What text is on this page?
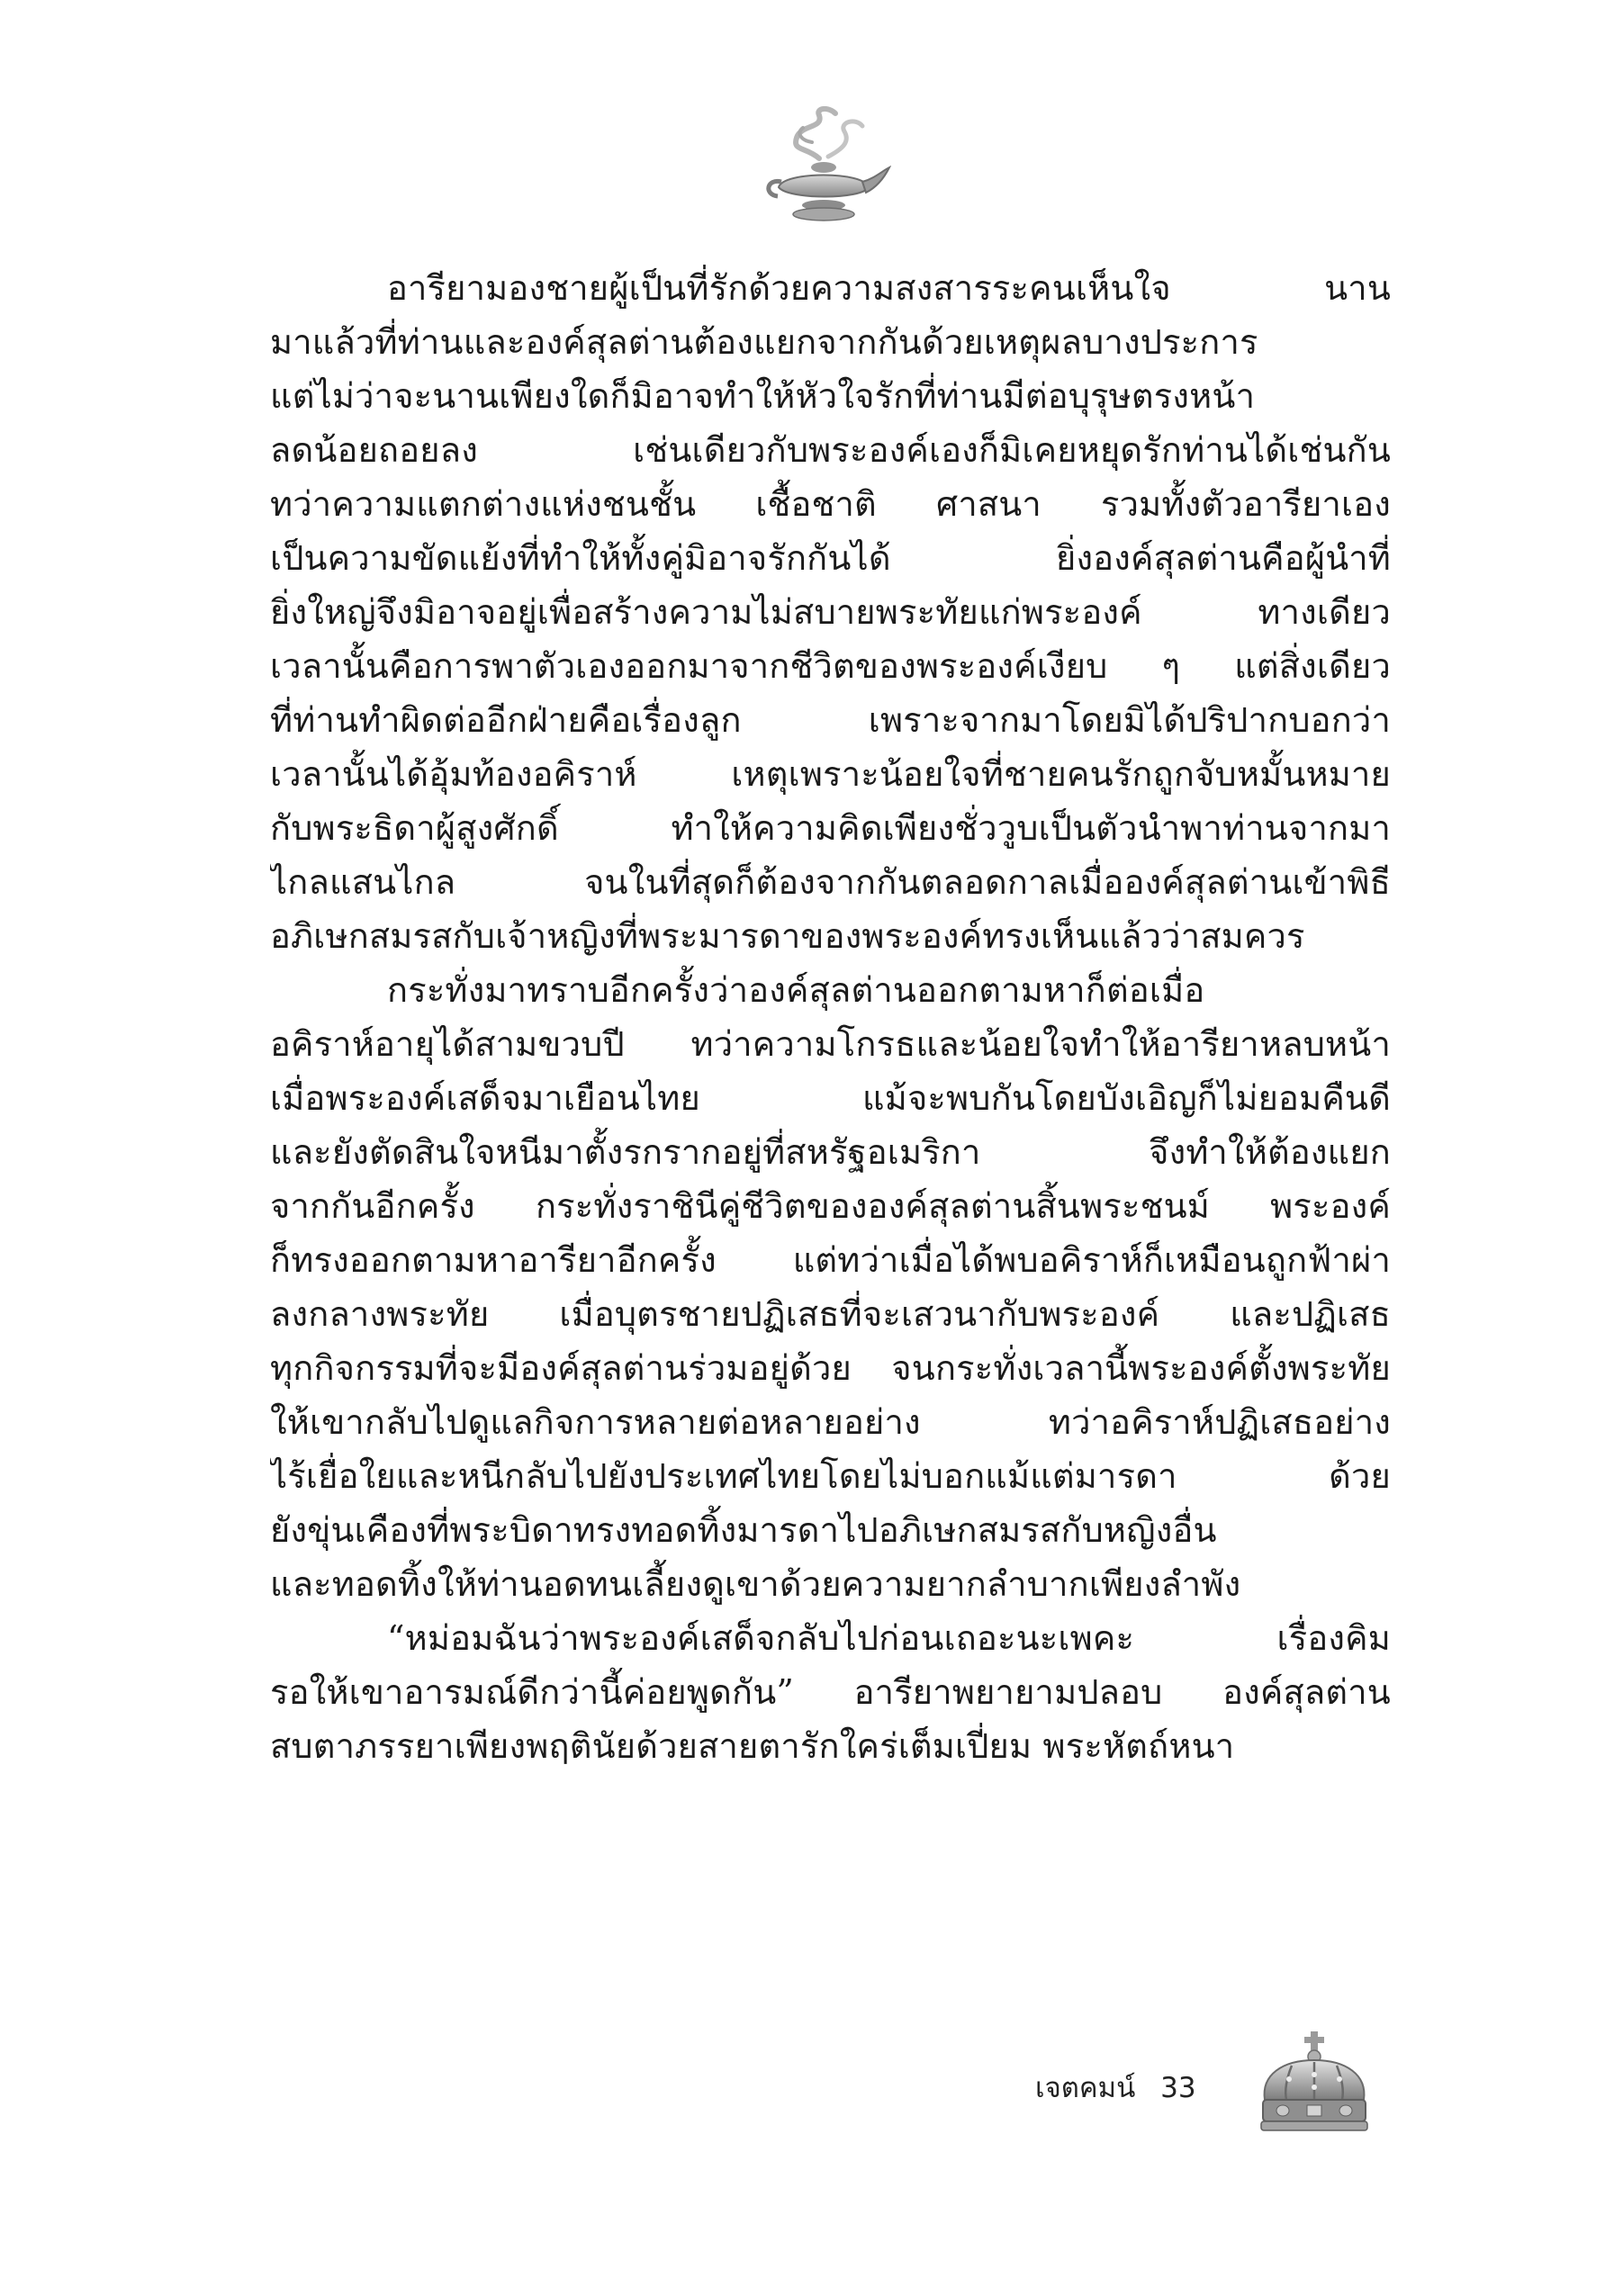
อารียามองชายผู้เป็นที่รักด้วยความสงสารระคนเห็นใจ นาน
มาแล้วที่ท่านและองค์สุลต่านต้องแยกจากกันด้วยเหตุผลบางประการ
แต่ไม่ว่าจะนานเพียงใดก็มิอาจทำให้หัวใจรักที่ท่านมีต่อบุรุษตรงหน้า
ลดน้อยถอยลง เช่นเดียวกับพระองค์เองก็มิเคยหยุดรักท่านได้เช่นกัน
ทว่าความแตกต่างแห่งชนชั้น เชื้อชาติ ศาสนา รวมทั้งตัวอารียาเอง
เป็นความขัดแย้งที่ทำให้ทั้งคู่มิอาจรักกันได้ ยิ่งองค์สุลต่านคือผู้นำที่
ยิ่งใหญ่จึงมิอาจอยู่เพื่อสร้างความไม่สบายพระทัยแก่พระองค์ ทางเดียว
เวลานั้นคือการพาตัวเองออกมาจากชีวิตของพระองค์เงียบ ๆ แต่สิ่งเดียว
ที่ท่านทำผิดต่ออีกฝ่ายคือเรื่องลูก เพราะจากมาโดยมิได้ปริปากบอกว่า
เวลานั้นได้อุ้มท้องอคิราห์ เหตุเพราะน้อยใจที่ชายคนรักถูกจับหมั้นหมาย
กับพระธิดาผู้สูงศักดิ์ ทำให้ความคิดเพียงชั่ววูบเป็นตัวนำพาท่านจากมา
ไกลแสนไกล จนในที่สุดก็ต้องจากกันตลอดกาลเมื่อองค์สุลต่านเข้าพิธี
อภิเษกสมรสกับเจ้าหญิงที่พระมารดาของพระองค์ทรงเห็นแล้วว่าสมควร
กระทั่งมาทราบอีกครั้งว่าองค์สุลต่านออกตามหาก็ต่อเมื่อ
อคิราห์อายุได้สามขวบปี ทว่าความโกรธและน้อยใจทำให้อารียาหลบหน้า
เมื่อพระองค์เสด็จมาเยือนไทย แม้จะพบกันโดยบังเอิญก็ไม่ยอมคืนดี
และยังตัดสินใจหนีมาตั้งรกรากอยู่ที่สหรัฐอเมริกา จึงทำให้ต้องแยก
จากกันอีกครั้ง กระทั่งราชินีคู่ชีวิตขององค์สุลต่านสิ้นพระชนม์ พระองค์
ก็ทรงออกตามหาอารียาอีกครั้ง แต่ทว่าเมื่อได้พบอคิราห์ก็เหมือนถูกฟ้าผ่า
ลงกลางพระทัย เมื่อบุตรชายปฏิเสธที่จะเสวนากับพระองค์ และปฏิเสธ
ทุกกิจกรรมที่จะมีองค์สุลต่านร่วมอยู่ด้วย จนกระทั่งเวลานี้พระองค์ตั้งพระทัย
ให้เขากลับไปดูแลกิจการหลายต่อหลายอย่าง ทว่าอคิราห์ปฏิเสธอย่าง
ไร้เยื่อใยและหนีกลับไปยังประเทศไทยโดยไม่บอกแม้แต่มารดา ด้วย
ยังขุ่นเคืองที่พระบิดาทรงทอดทิ้งมารดาไปอภิเษกสมรสกับหญิงอื่น
และทอดทิ้งให้ท่านอดทนเลี้ยงดูเขาด้วยความยากลำบากเพียงลำพัง
“หม่อมฉันว่าพระองค์เสด็จกลับไปก่อนเถอะนะเพคะ เรื่องคิม
รอให้เขาอารมณ์ดีกว่านี้ค่อยพูดกัน” อารียาพยายามปลอบ องค์สุลต่าน
สบตาภรรยาเพียงพฤตินัยด้วยสายตารักใคร่เต็มเปี่ยม พระหัตถ์หนา
เจตคมน์ 33
